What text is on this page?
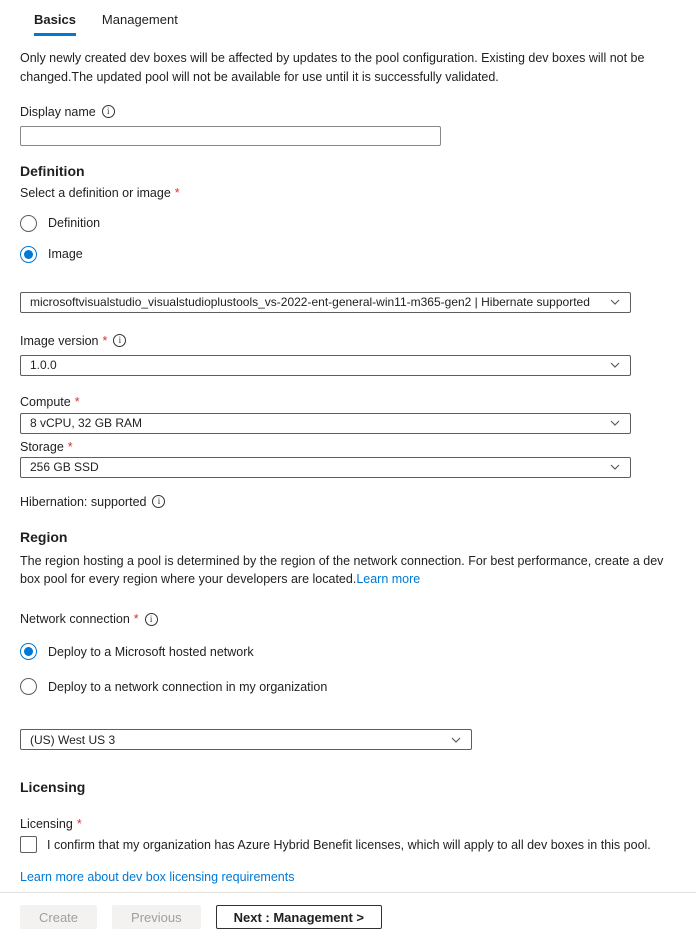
Basics Management

Only newly created dev boxes will be affected by updates to the pool configuration. Existing dev boxes will not be changed.The updated pool will not be available for use until it is successfully validated.

Display name	i
Definition
Select a definition or image *
Definition
Image
microsoftvisualstudio_visualstudioplustools_vs-2022-ent-general-win11-m365-gen2 | Hibernate supported
Image version *	i
1.0.0
Compute *
8 vCPU, 32 GB RAM
Storage *
256 GB SSD
Hibernation: supported	i
Region

The region hosting a pool is determined by the region of the network connection. For best performance, create a dev box pool for every region where your developers are located.Learn more

Network connection *	i
Deploy to a Microsoft hosted network
Deploy to a network connection in my organization
(US) West US 3
Licensing
Licensing *
I confirm that my organization has Azure Hybrid Benefit licenses, which will apply to all dev boxes in this pool.
Learn more about dev box licensing requirements
Create	Previous	Next : Management >
